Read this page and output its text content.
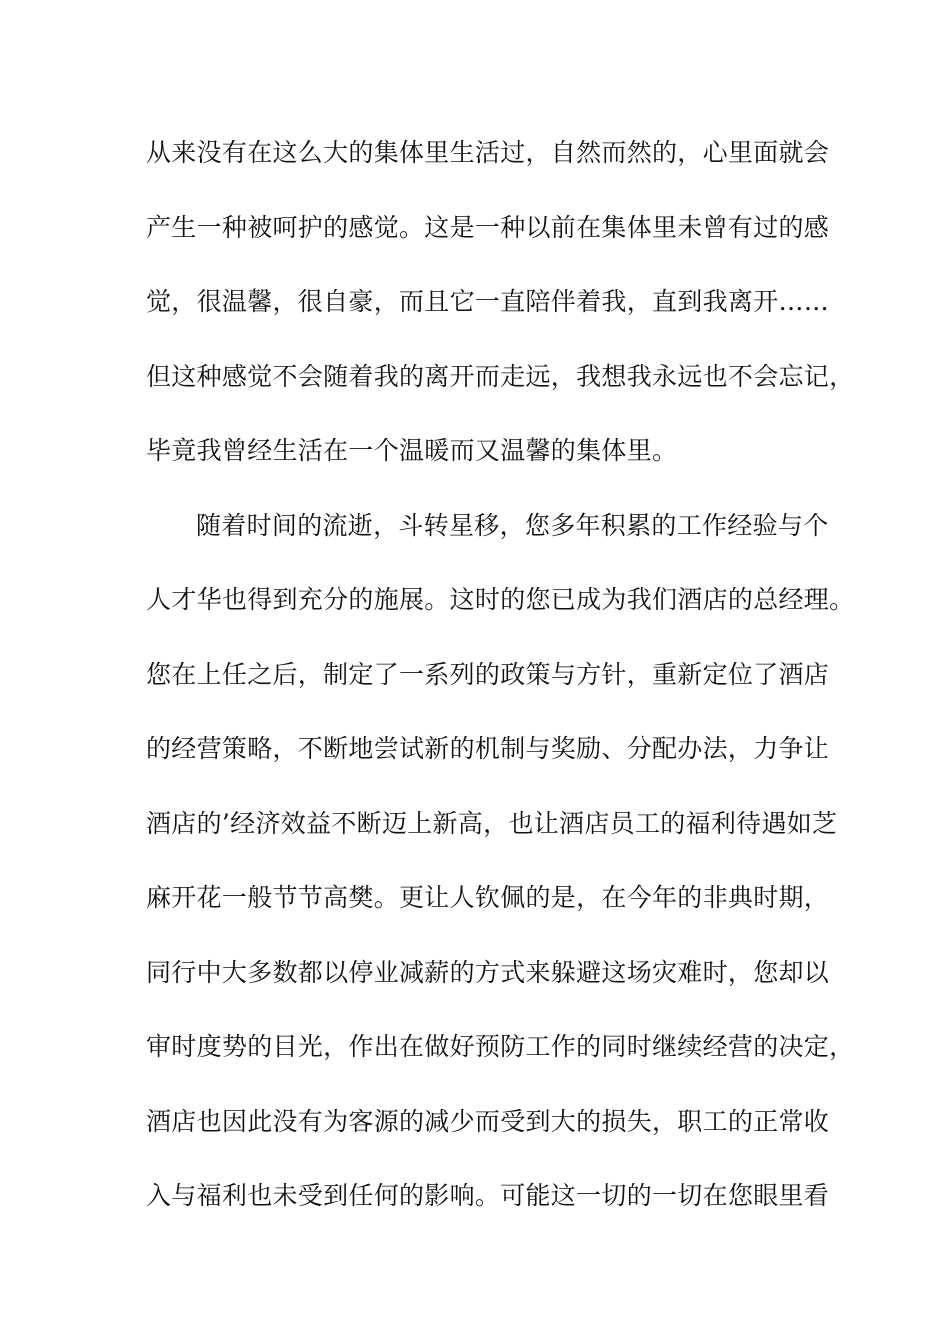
从来没有在这么大的集体里生活过，自然而然的，心里面就会
产生一种被呵护的感觉。这是一种以前在集体里未曾有过的感
觉，很温馨，很自豪，而且它一直陪伴着我，直到我离开……
但这种感觉不会随着我的离开而走远，我想我永远也不会忘记，
毕竟我曾经生活在一个温暖而又温馨的集体里。
随着时间的流逝，斗转星移，您多年积累的工作经验与个
人才华也得到充分的施展。这时的您已成为我们酒店的总经理。
您在上任之后，制定了一系列的政策与方针，重新定位了酒店
的经营策略，不断地尝试新的机制与奖励、分配办法，力争让
酒店的’经济效益不断迈上新高，也让酒店员工的福利待遇如芝
麻开花一般节节高樊。更让人钦佩的是，在今年的非典时期，
同行中大多数都以停业减薪的方式来躲避这场灾难时，您却以
审时度势的目光，作出在做好预防工作的同时继续经营的决定，
酒店也因此没有为客源的减少而受到大的损失，职工的正常收
入与福利也未受到任何的影响。可能这一切的一切在您眼里看
